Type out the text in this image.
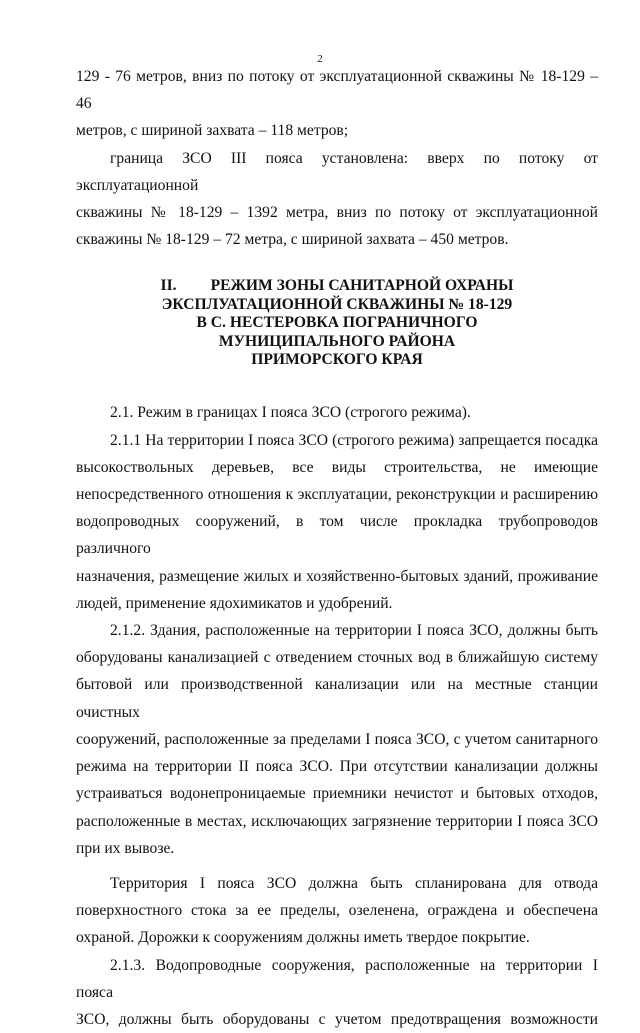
2

129 - 76 метров, вниз по потоку от эксплуатационной скважины № 18-129 – 46

метров, с шириной захвата – 118 метров;

граница ЗСО III пояса установлена: вверх по потоку от эксплуатационной

скважины № 18-129 – 1392 метра, вниз по потоку от эксплуатационной

скважины № 18-129 – 72 метра, с шириной захвата – 450 метров.

II. РЕЖИМ ЗОНЫ САНИТАРНОЙ ОХРАНЫ
ЭКСПЛУАТАЦИОННОЙ СКВАЖИНЫ № 18-129
В С. НЕСТЕРОВКА ПОГРАНИЧНОГО
МУНИЦИПАЛЬНОГО РАЙОНА
ПРИМОРСКОГО КРАЯ

2.1. Режим в границах I пояса ЗСО (строгого режима).

2.1.1 На территории I пояса ЗСО (строгого режима) запрещается посадка

высокоствольных деревьев, все виды строительства, не имеющие

непосредственного отношения к эксплуатации, реконструкции и расширению

водопроводных сооружений, в том числе прокладка трубопроводов различного

назначения, размещение жилых и хозяйственно-бытовых зданий, проживание

людей, применение ядохимикатов и удобрений.

2.1.2. Здания, расположенные на территории I пояса ЗСО, должны быть

оборудованы канализацией с отведением сточных вод в ближайшую систему

бытовой или производственной канализации или на местные станции очистных

сооружений, расположенные за пределами I пояса ЗСО, с учетом санитарного

режима на территории II пояса ЗСО. При отсутствии канализации должны

устраиваться водонепроницаемые приемники нечистот и бытовых отходов,

расположенные в местах, исключающих загрязнение территории I пояса ЗСО

при их вывозе.

Территория I пояса ЗСО должна быть спланирована для отвода

поверхностного стока за ее пределы, озеленена, ограждена и обеспечена

охраной. Дорожки к сооружениям должны иметь твердое покрытие.

2.1.3. Водопроводные сооружения, расположенные на территории I пояса

ЗСО, должны быть оборудованы с учетом предотвращения возможности
